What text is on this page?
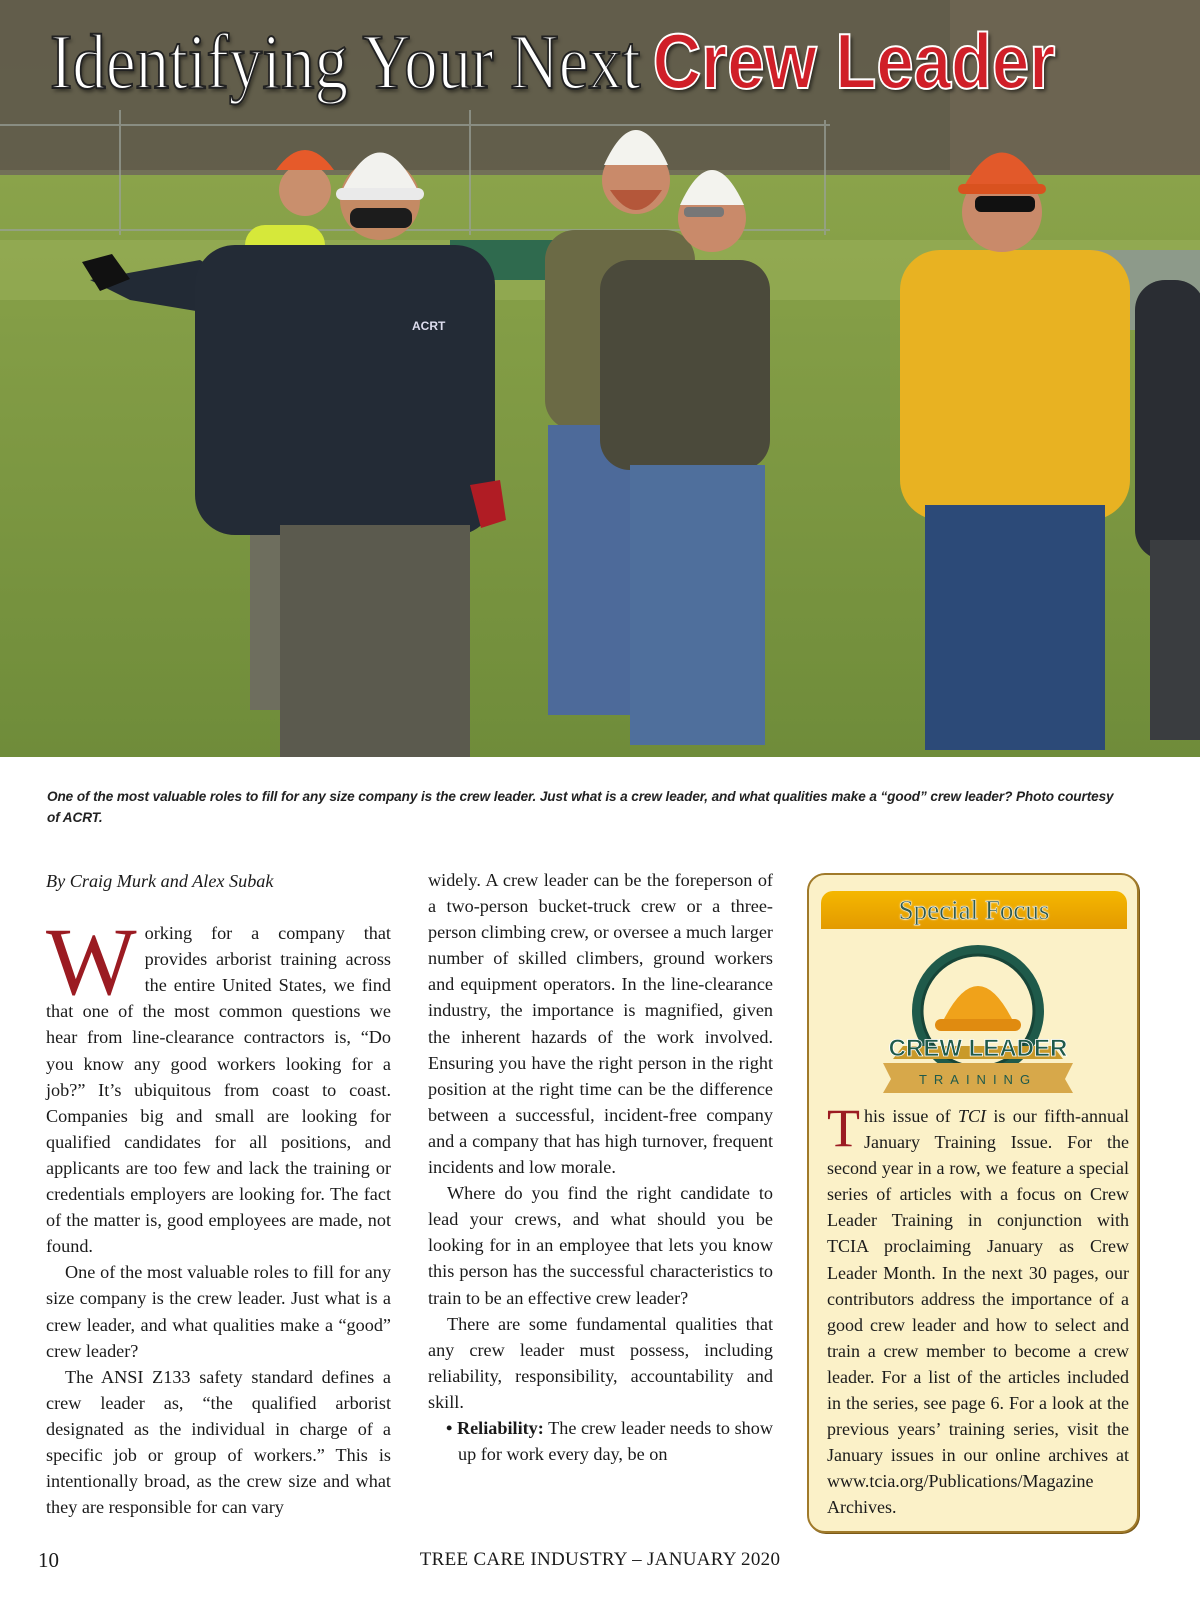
ACRT
Identifying Your Next Crew Leader
One of the most valuable roles to fill for any size company is the crew leader. Just what is a crew leader, and what qualities make a “good” crew leader? Photo courtesy of ACRT.
By Craig Murk and Alex Subak
Working for a company that provides arborist training across the entire United States, we find that one of the most common questions we hear from line-clearance contractors is, “Do you know any good workers looking for a job?” It’s ubiquitous from coast to coast. Companies big and small are looking for qualified candidates for all positions, and applicants are too few and lack the training or credentials employers are looking for. The fact of the matter is, good employees are made, not found.
One of the most valuable roles to fill for any size company is the crew leader. Just what is a crew leader, and what qualities make a “good” crew leader?
The ANSI Z133 safety standard defines a crew leader as, “the qualified arborist designated as the individual in charge of a specific job or group of workers.” This is intentionally broad, as the crew size and what they are responsible for can vary
widely. A crew leader can be the foreperson of a two-person bucket-truck crew or a three-person climbing crew, or oversee a much larger number of skilled climbers, ground workers and equipment operators. In the line-clearance industry, the importance is magnified, given the inherent hazards of the work involved. Ensuring you have the right person in the right position at the right time can be the difference between a successful, incident-free company and a company that has high turnover, frequent incidents and low morale.
Where do you find the right candidate to lead your crews, and what should you be looking for in an employee that lets you know this person has the successful characteristics to train to be an effective crew leader?
There are some fundamental qualities that any crew leader must possess, including reliability, responsibility, accountability and skill.
• Reliability: The crew leader needs to show up for work every day, be on
Special Focus
CREW LEADER
TRAINING
This issue of TCI is our fifth-annual January Training Issue. For the second year in a row, we feature a special series of articles with a focus on Crew Leader Training in conjunction with TCIA proclaiming January as Crew Leader Month. In the next 30 pages, our contributors address the importance of a good crew leader and how to select and train a crew member to become a crew leader. For a list of the articles included in the series, see page 6. For a look at the previous years’ training series, visit the January issues in our online archives at www.tcia.org/Publications/Magazine Archives.
10	TREE CARE INDUSTRY – JANUARY 2020
